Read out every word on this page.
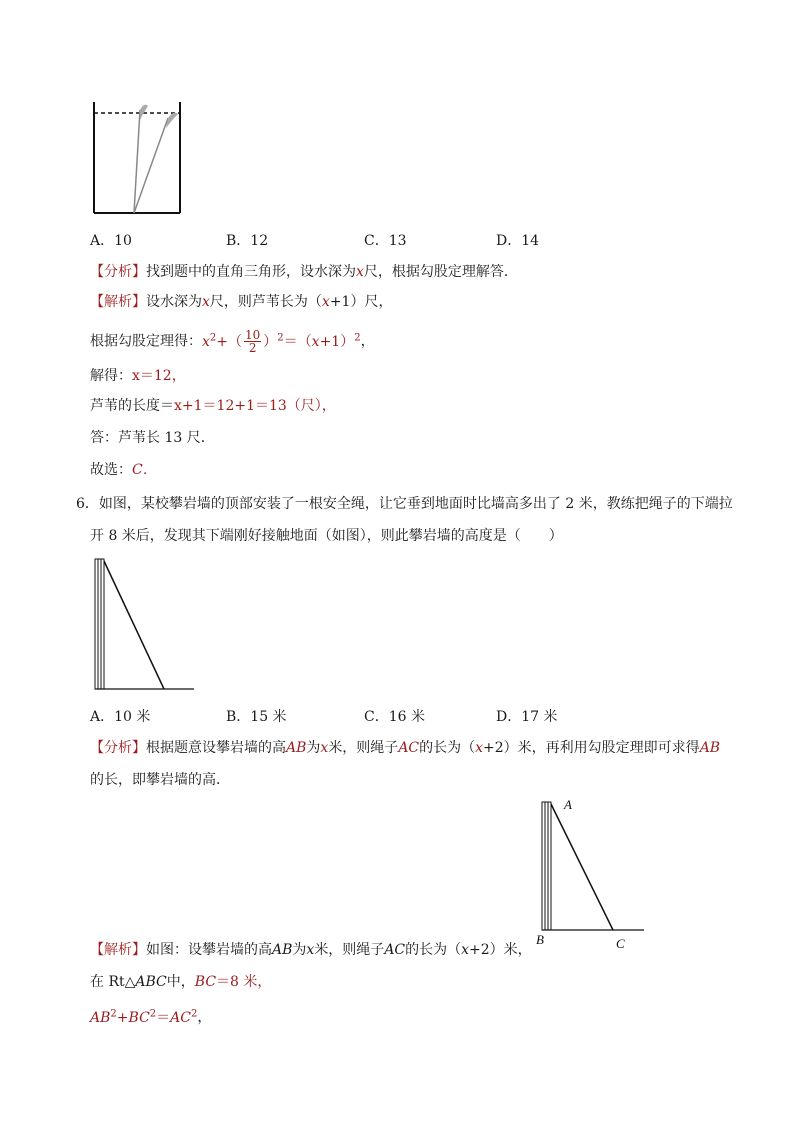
A．10	B．12	C．13	D．14
【分析】找到题中的直角三角形，设水深为x尺，根据勾股定理解答．
【解析】设水深为x尺，则芦苇长为（x+1）尺，
根据勾股定理得：$x^2+( \frac{10}{2} )^2=(x+1)^2$，
解得：x＝12，
芦苇的长度＝x+1＝12+1＝13（尺），
答：芦苇长 13 尺．
故选：C．
6．如图，某校攀岩墙的顶部安装了一根安全绳，让它垂到地面时比墙高多出了 2 米，教练把绳子的下端拉
开 8 米后，发现其下端刚好接触地面（如图），则此攀岩墙的高度是（　　）
A．10 米	B．15 米	C．16 米	D．17 米
【分析】根据题意设攀岩墙的高AB为x米，则绳子AC的长为（x+2）米，再利用勾股定理即可求得AB
的长，即攀岩墙的高．
A
B	C
【解析】如图：设攀岩墙的高AB为x米，则绳子AC的长为（x+2）米，
在 Rt△ABC中，BC＝8 米，
$AB^2+BC^2=AC^2$，
